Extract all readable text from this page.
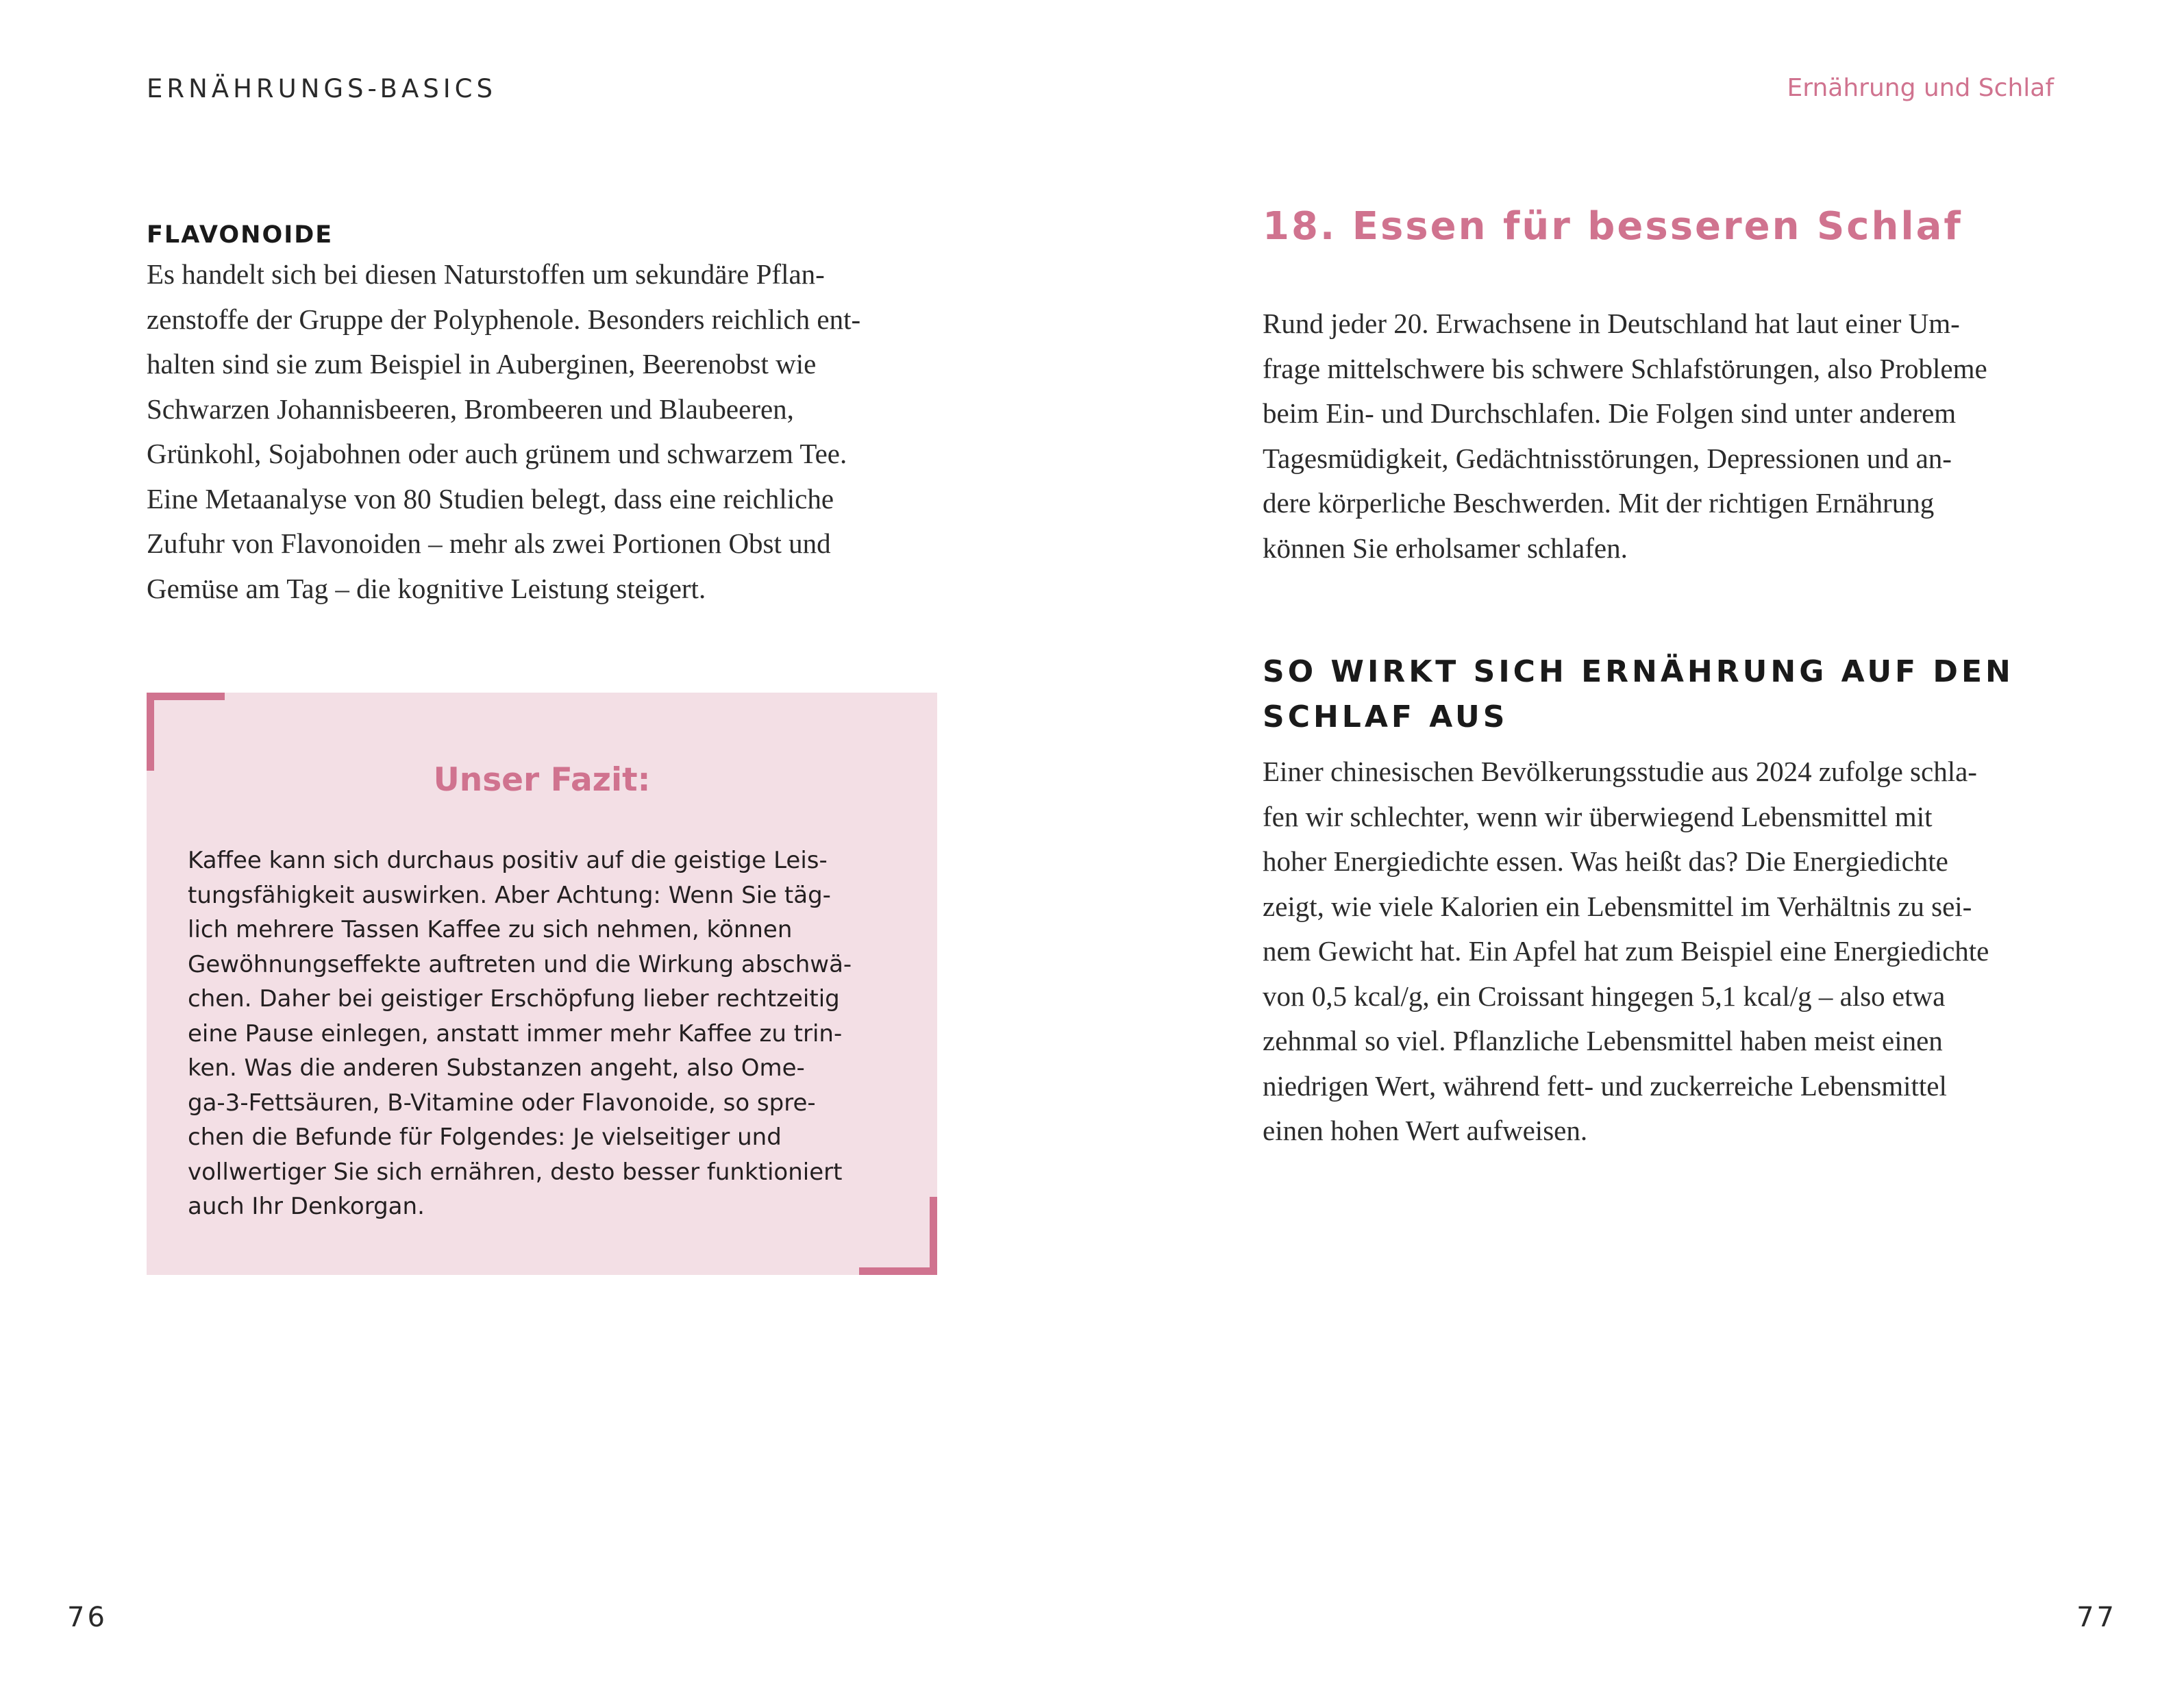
ERNÄHRUNGS-BASICS	Ernährung und Schlaf
FLAVONOIDE
Es handelt sich bei diesen Naturstoffen um sekundäre Pflan-
zenstoffe der Gruppe der Polyphenole. Besonders reichlich ent-
halten sind sie zum Beispiel in Auberginen, Beerenobst wie
Schwarzen Johannisbeeren, Brombeeren und Blaubeeren,
Grünkohl, Sojabohnen oder auch grünem und schwarzem Tee.
Eine Metaanalyse von 80 Studien belegt, dass eine reichliche
Zufuhr von Flavonoiden – mehr als zwei Portionen Obst und
Gemüse am Tag – die kognitive Leistung steigert.
Unser Fazit:
Kaffee kann sich durchaus positiv auf die geistige Leis-
tungsfähigkeit auswirken. Aber Achtung: Wenn Sie täg-
lich mehrere Tassen Kaffee zu sich nehmen, können
Gewöhnungseffekte auftreten und die Wirkung abschwä-
chen. Daher bei geistiger Erschöpfung lieber rechtzeitig
eine Pause einlegen, anstatt immer mehr Kaffee zu trin-
ken. Was die anderen Substanzen angeht, also Ome-
ga-3-Fettsäuren, B-Vitamine oder Flavonoide, so spre-
chen die Befunde für Folgendes: Je vielseitiger und
vollwertiger Sie sich ernähren, desto besser funktioniert
auch Ihr Denkorgan.
18. Essen für besseren Schlaf
Rund jeder 20. Erwachsene in Deutschland hat laut einer Um-
frage mittelschwere bis schwere Schlafstörungen, also Probleme
beim Ein- und Durchschlafen. Die Folgen sind unter anderem
Tagesmüdigkeit, Gedächtnisstörungen, Depressionen und an-
dere körperliche Beschwerden. Mit der richtigen Ernährung
können Sie erholsamer schlafen.
SO WIRKT SICH ERNÄHRUNG AUF DEN
SCHLAF AUS
Einer chinesischen Bevölkerungsstudie aus 2024 zufolge schla-
fen wir schlechter, wenn wir überwiegend Lebensmittel mit
hoher Energiedichte essen. Was heißt das? Die Energiedichte
zeigt, wie viele Kalorien ein Lebensmittel im Verhältnis zu sei-
nem Gewicht hat. Ein Apfel hat zum Beispiel eine Energiedichte
von 0,5 kcal/g, ein Croissant hingegen 5,1 kcal/g – also etwa
zehnmal so viel. Pflanzliche Lebensmittel haben meist einen
niedrigen Wert, während fett- und zuckerreiche Lebensmittel
einen hohen Wert aufweisen.
76	77
